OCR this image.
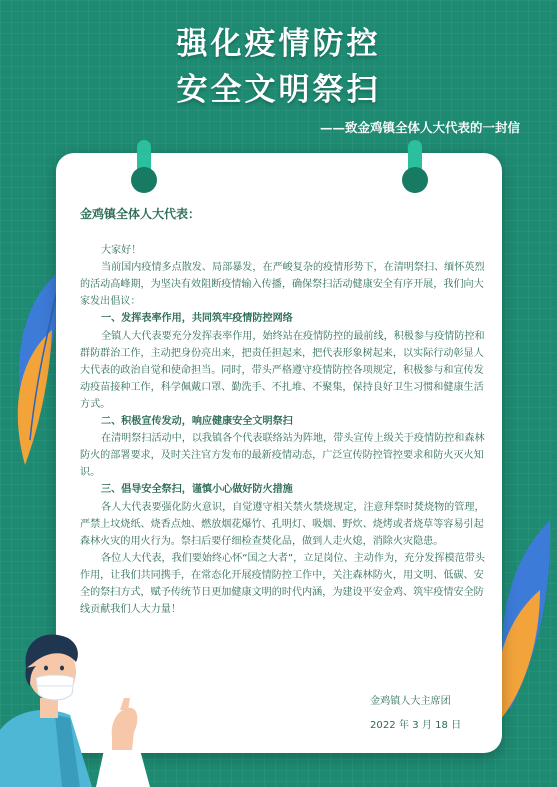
强化疫情防控
安全文明祭扫
——致金鸡镇全体人大代表的一封信
金鸡镇全体人大代表：
大家好！
当前国内疫情多点散发、局部暴发，在严峻复杂的疫情形势下，在清明祭扫、缅怀英烈的活动高峰期，为坚决有效阻断疫情输入传播，确保祭扫活动健康安全有序开展，我们向大家发出倡议：
一、发挥表率作用，共同筑牢疫情防控网络
全镇人大代表要充分发挥表率作用，始终站在疫情防控的最前线，积极参与疫情防控和群防群治工作，主动把身份亮出来，把责任担起来，把代表形象树起来，以实际行动彰显人大代表的政治自觉和使命担当。同时，带头严格遵守疫情防控各项规定，积极参与和宣传发动疫苗接种工作，科学佩戴口罩、勤洗手、不扎堆、不聚集，保持良好卫生习惯和健康生活方式。
二、积极宣传发动，响应健康安全文明祭扫
在清明祭扫活动中，以我镇各个代表联络站为阵地，带头宣传上级关于疫情防控和森林防火的部署要求，及时关注官方发布的最新疫情动态，广泛宣传防控管控要求和防火灭火知识。
三、倡导安全祭扫，谨慎小心做好防火措施
各人大代表要强化防火意识，自觉遵守相关禁火禁烧规定，注意拜祭时焚烧物的管理，严禁上坟烧纸、烧香点烛、燃放烟花爆竹、孔明灯、吸烟、野炊、烧烤或者烧草等容易引起森林火灾的用火行为。祭扫后要仔细检查焚化品，做到人走火熄，消除火灾隐患。
各位人大代表，我们要始终心怀“国之大者”，立足岗位、主动作为，充分发挥模范带头作用，让我们共同携手，在常态化开展疫情防控工作中，关注森林防火，用文明、低碳、安全的祭扫方式，赋予传统节日更加健康文明的时代内涵，为建设平安金鸡、筑牢疫情安全防线贡献我们人大力量！
金鸡镇人大主席团
2022 年 3 月 18 日
